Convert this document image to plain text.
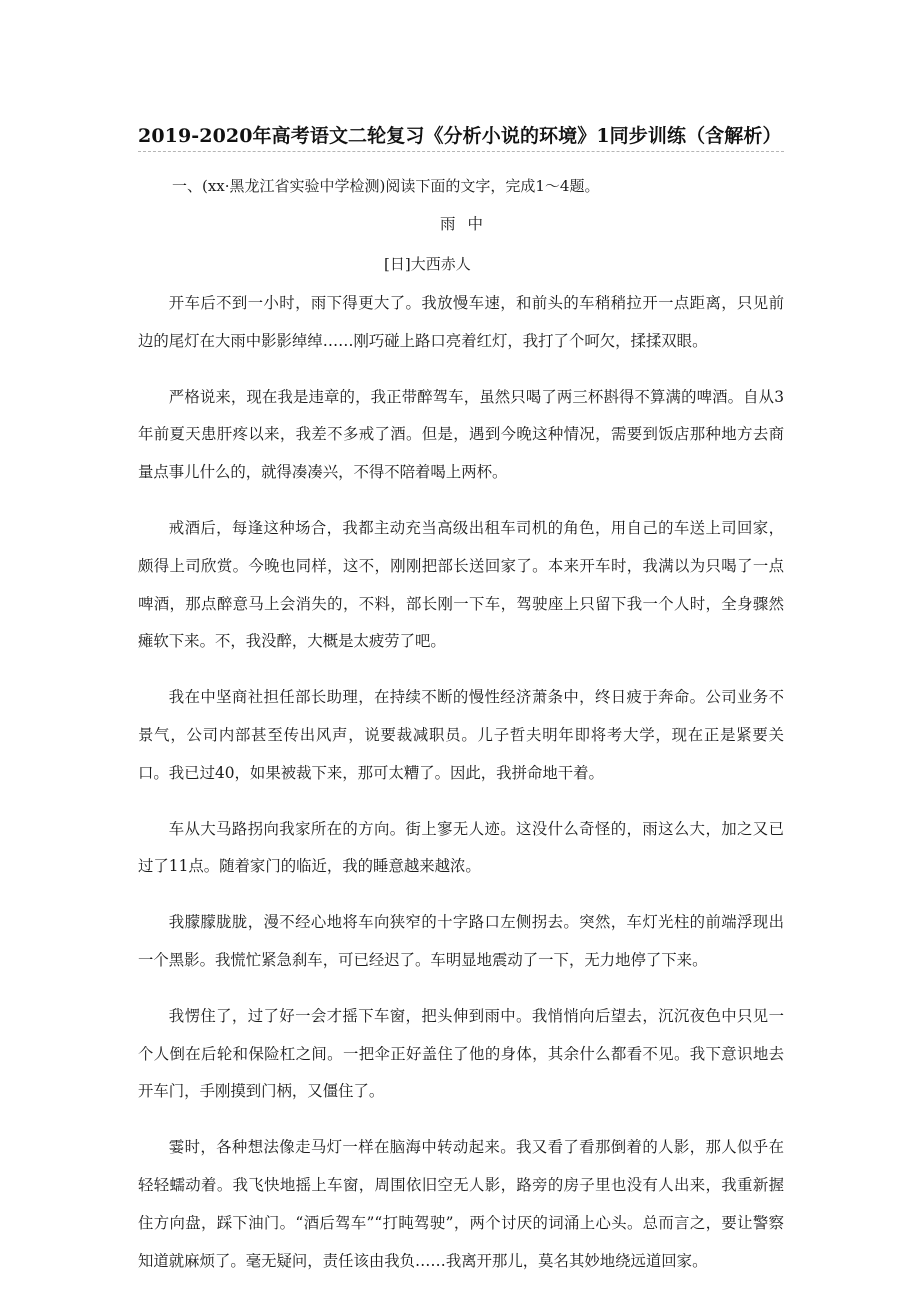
2019-2020年高考语文二轮复习《分析小说的环境》1同步训练（含解析）

一、(xx·黑龙江省实验中学检测)阅读下面的文字，完成1～4题。

雨中

[日]大西赤人

开车后不到一小时，雨下得更大了。我放慢车速，和前头的车稍稍拉开一点距离，只见前边的尾灯在大雨中影影绰绰……刚巧碰上路口亮着红灯，我打了个呵欠，揉揉双眼。

严格说来，现在我是违章的，我正带醉驾车，虽然只喝了两三杯斟得不算满的啤酒。自从3年前夏天患肝疼以来，我差不多戒了酒。但是，遇到今晚这种情况，需要到饭店那种地方去商量点事儿什么的，就得凑凑兴，不得不陪着喝上两杯。

戒酒后，每逢这种场合，我都主动充当高级出租车司机的角色，用自己的车送上司回家，颇得上司欣赏。今晚也同样，这不，刚刚把部长送回家了。本来开车时，我满以为只喝了一点啤酒，那点醉意马上会消失的，不料，部长刚一下车，驾驶座上只留下我一个人时，全身骤然瘫软下来。不，我没醉，大概是太疲劳了吧。

我在中坚商社担任部长助理，在持续不断的慢性经济萧条中，终日疲于奔命。公司业务不景气，公司内部甚至传出风声，说要裁减职员。儿子哲夫明年即将考大学，现在正是紧要关口。我已过40，如果被裁下来，那可太糟了。因此，我拼命地干着。

车从大马路拐向我家所在的方向。街上寥无人迹。这没什么奇怪的，雨这么大，加之又已过了11点。随着家门的临近，我的睡意越来越浓。

我朦朦胧胧，漫不经心地将车向狭窄的十字路口左侧拐去。突然，车灯光柱的前端浮现出一个黑影。我慌忙紧急刹车，可已经迟了。车明显地震动了一下，无力地停了下来。

我愣住了，过了好一会才摇下车窗，把头伸到雨中。我悄悄向后望去，沉沉夜色中只见一个人倒在后轮和保险杠之间。一把伞正好盖住了他的身体，其余什么都看不见。我下意识地去开车门，手刚摸到门柄，又僵住了。

霎时，各种想法像走马灯一样在脑海中转动起来。我又看了看那倒着的人影，那人似乎在轻轻蠕动着。我飞快地摇上车窗，周围依旧空无人影，路旁的房子里也没有人出来，我重新握住方向盘，踩下油门。“酒后驾车”“打盹驾驶”，两个讨厌的词涌上心头。总而言之，要让警察知道就麻烦了。毫无疑问，责任该由我负……我离开那儿，莫名其妙地绕远道回家。
